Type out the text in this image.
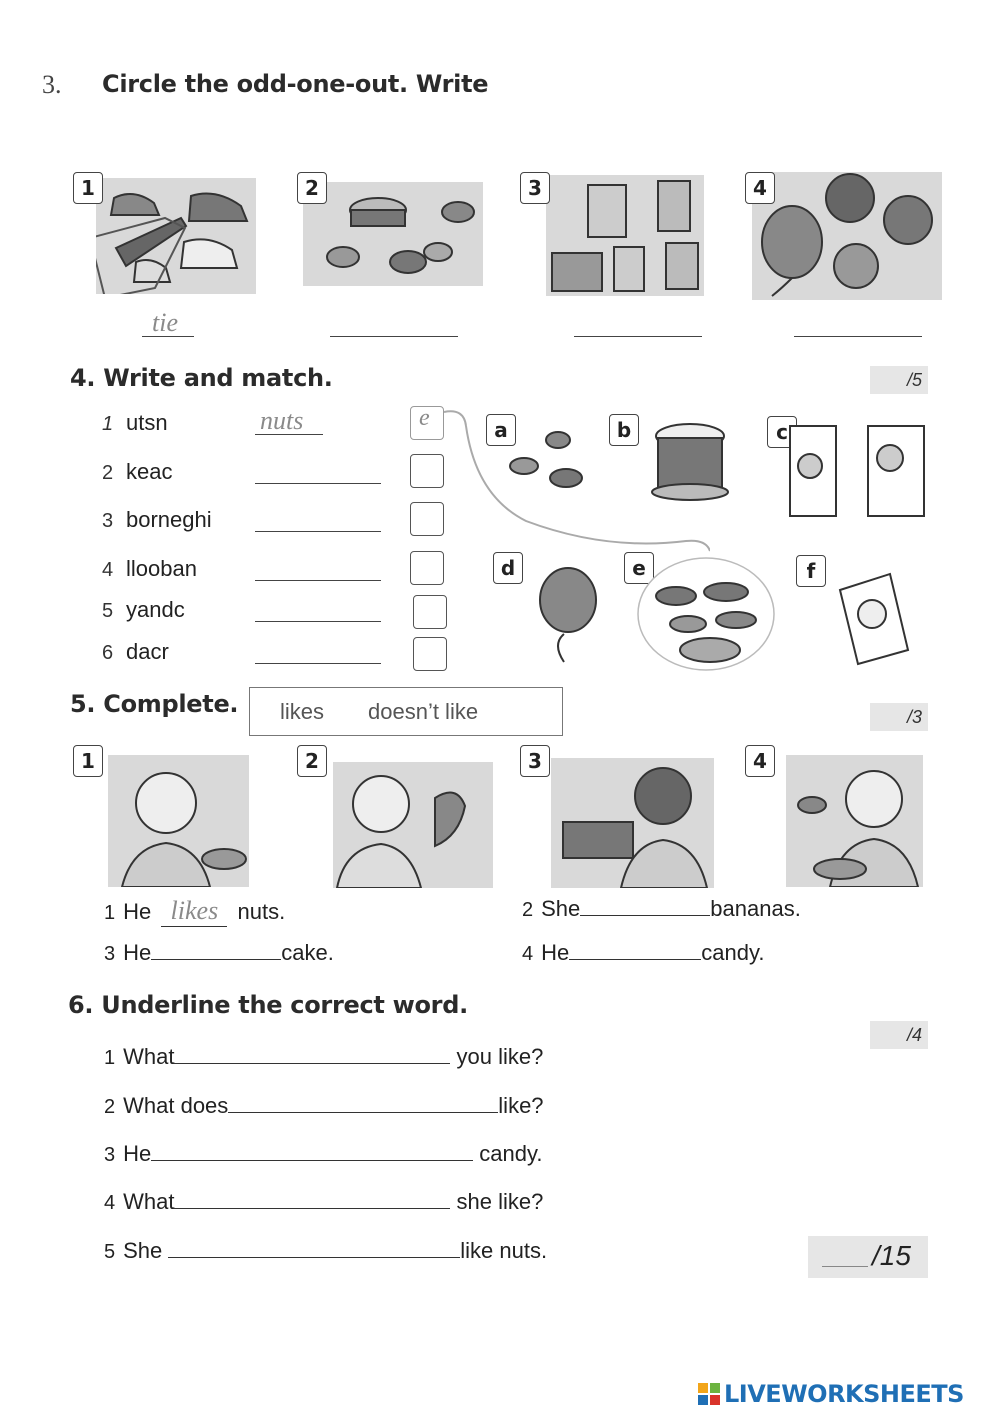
3. Circle the odd-one-out. Write
1	2	3	4
tie
4. Write and match.	/5
1 utsn	nuts	e
2 keac
3 borneghi
4 llooban
5 yandc
6 dacr
a	b	c
d	e	f
5. Complete. likes doesn’t like	/3
1	2	3	4
1 He likes nuts.	2 She	bananas.
3 He	cake.	4 He	candy.
6. Underline the correct word.
/4
1 What	you like?
2 What does	like?
3 He	candy.
4 What	she like?
5 She	like nuts.	/15
LIVEWORKSHEETS
